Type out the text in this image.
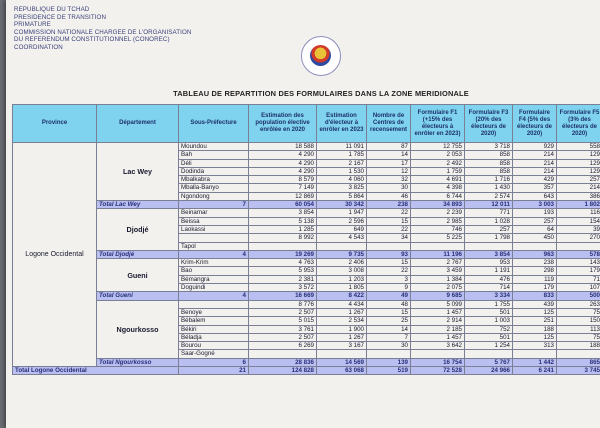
REPUBLIQUE DU TCHAD
PRESIDENCE DE TRANSITION
PRIMATURE
COMMISSION NATIONALE CHARGEE DE L'ORGANISATION
DU REFERENDUM CONSTITUTIONNEL (CONOREC)
COORDINATION
TABLEAU DE REPARTITION DES FORMULAIRES DANS LA ZONE MERIDIONALE
Province	Département	Sous-Préfecture	Estimation des population élective enrôlée en 2020	Estimation d'électeur à enrôler en 2023	Nombre de Centres de recensement	Formulaire F1 (+15% des électeurs à enrôler en 2023)	Formulaire F3 (20% des électeurs de 2020)	Formulaire F4 (5% des électeurs de 2020)	Formulaire F5 (3% des électeurs de 2020)
Logone Occidental	Lac Wey	Moundou	18 588	11 091	87	12 755	3 718	929	558
		Bah	4 290	1 785	14	2 053	858	214	129
		Déli	4 290	2 167	17	2 492	858	214	129
		Dodinda	4 290	1 530	12	1 759	858	214	129
		Mbalkabra	8 579	4 060	32	4 691	1 716	429	257
		Mballa-Banyo	7 149	3 825	30	4 398	1 430	357	214
		Ngondong	12 869	5 864	46	6 744	2 574	643	386
	Total Lac Wey	7	60 054	30 342	238	34 893	12 011	3 003	1 802
	Djodjé	Beinamar	3 854	1 947	22	2 239	771	193	116
		Beissa	5 138	2 596	15	2 985	1 028	257	154
		Laokassi	1 285	649	22	746	257	64	39
			8 992	4 543	34	5 225	1 798	450	270
		Tapol							
	Total Djodjé	4	19 269	9 735	93	11 196	3 854	963	578
	Gueni	Krim-Krim	4 763	2 406	15	2 767	953	238	143
		Bao	5 953	3 008	22	3 459	1 191	298	179
		Bémangra	2 381	1 203	3	1 384	476	119	71
		Doguindi	3 572	1 805	9	2 075	714	179	107
	Total Gueni	4	16 669	8 422	49	9 685	3 334	833	500
	Ngourkosso		8 776	4 434	48	5 099	1 755	439	263
		Benoye	2 507	1 267	15	1 457	501	125	75
		Bébalem	5 015	2 534	25	2 914	1 003	251	150
		Békiri	3 761	1 900	14	2 185	752	188	113
		Béladja	2 507	1 267	7	1 457	501	125	75
		Bourou	6 269	3 167	30	3 642	1 254	313	188
		Saar-Gogné							
	Total Ngourkosso	6	28 836	14 569	139	16 754	5 767	1 442	865
Total Logone Occidental		21	124 828	63 068	519	72 528	24 966	6 241	3 745
